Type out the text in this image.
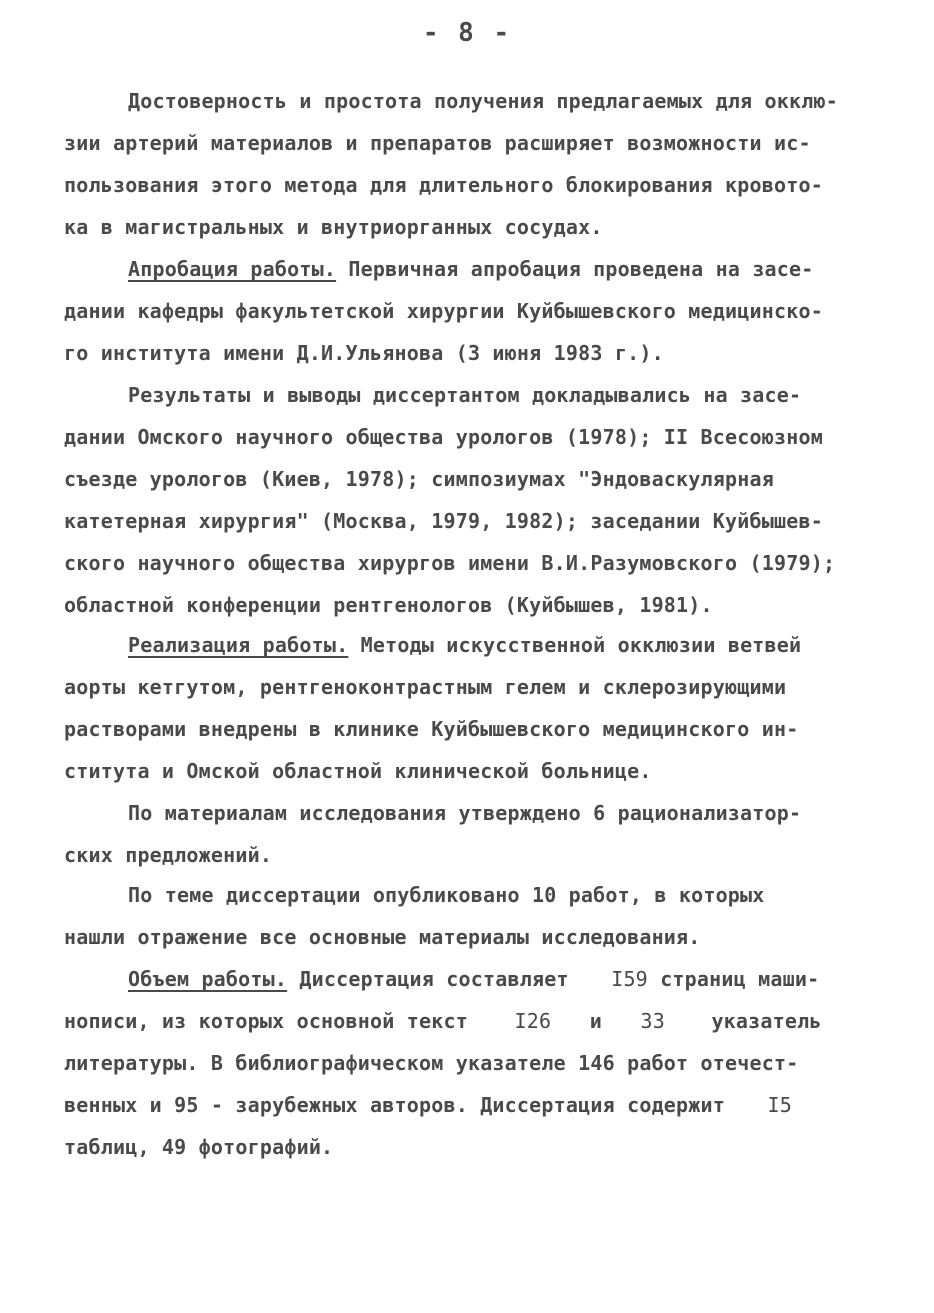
- 8 -
Достоверность и простота получения предлагаемых для окклю-
зии артерий материалов и препаратов расширяет возможности ис-
пользования этого метода для длительного блокирования кровото-
ка в магистральных и внутриорганных сосудах.
Апробация работы. Первичная апробация проведена на засе-
дании кафедры факультетской хирургии Куйбышевского медицинско-
го института имени Д.И.Ульянова (3 июня 1983 г.).
Результаты и выводы диссертантом докладывались на засе-
дании Омского научного общества урологов (1978); II Всесоюзном
съезде урологов (Киев, 1978); симпозиумах "Эндоваскулярная
катетерная хирургия" (Москва, 1979, 1982); заседании Куйбышев-
ского научного общества хирургов имени В.И.Разумовского (1979);
областной конференции рентгенологов (Куйбышев, 1981).
Реализация работы. Методы искусственной окклюзии ветвей
аорты кетгутом, рентгеноконтрастным гелем и склерозирующими
растворами внедрены в клинике Куйбышевского медицинского ин-
ститута и Омской областной клинической больнице.
По материалам исследования утверждено 6 рационализатор-
ских предложений.
По теме диссертации опубликовано 10 работ, в которых
нашли отражение все основные материалы исследования.
Объем работы. Диссертация составляет I59 страниц маши-
нописи, из которых основной текст I26 и 33 указатель
литературы. В библиографическом указателе 146 работ отечест-
венных и 95 - зарубежных авторов. Диссертация содержит I5
таблиц, 49 фотографий.
